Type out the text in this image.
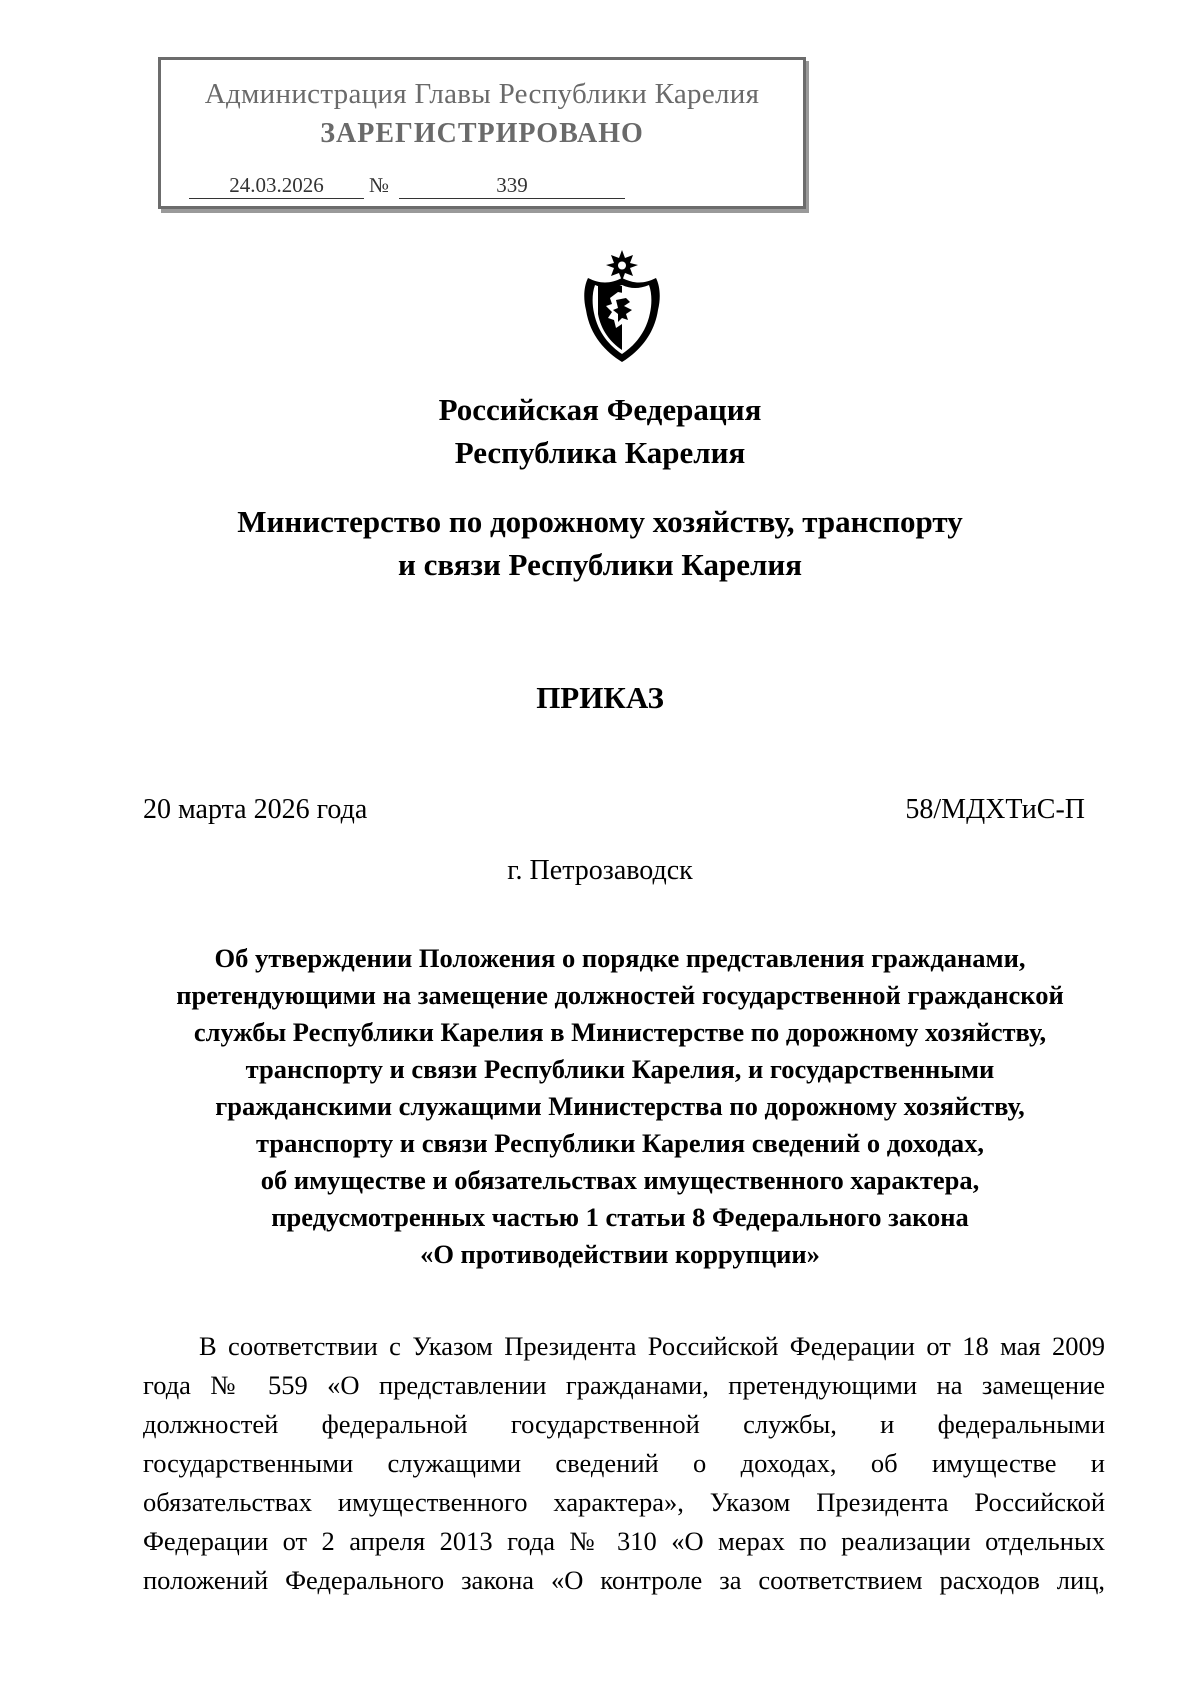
Администрация Главы Республики Карелия
ЗАРЕГИСТРИРОВАНО
24.03.2026	№	339
Российская Федерация
Республика Карелия
Министерство по дорожному хозяйству, транспорту
и связи Республики Карелия
ПРИКАЗ
20 марта 2026 года	58/МДХТиС-П
г. Петрозаводск
Об утверждении Положения о порядке представления гражданами,
претендующими на замещение должностей государственной гражданской
службы Республики Карелия в Министерстве по дорожному хозяйству,
транспорту и связи Республики Карелия, и государственными
гражданскими служащими Министерства по дорожному хозяйству,
транспорту и связи Республики Карелия сведений о доходах,
об имуществе и обязательствах имущественного характера,
предусмотренных частью 1 статьи 8 Федерального закона
«О противодействии коррупции»
В соответствии с Указом Президента Российской Федерации от 18 мая 2009
года № 559 «О представлении гражданами, претендующими на замещение
должностей федеральной государственной службы, и федеральными
государственными служащими сведений о доходах, об имуществе и
обязательствах имущественного характера», Указом Президента Российской
Федерации от 2 апреля 2013 года № 310 «О мерах по реализации отдельных
положений Федерального закона «О контроле за соответствием расходов лиц,
